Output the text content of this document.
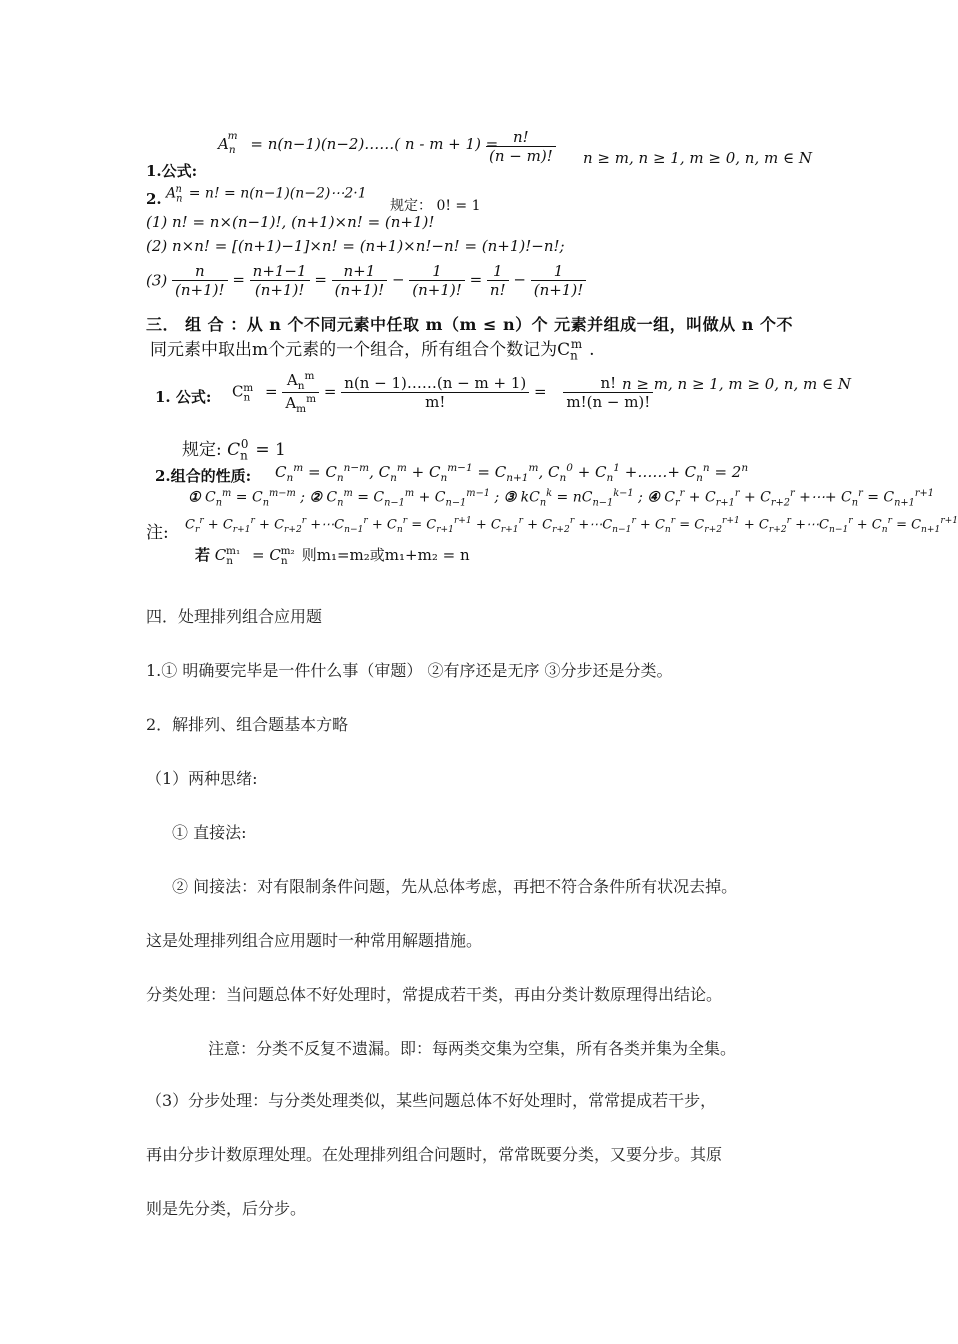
$A_n^m$ = n(n−1)(n−2)……( n - m + 1) =
$\frac{n!}{(n - m)!}$ n ≥ m, n ≥ 1, m ≥ 0, n, m ∈ N
1.公式:
2. $A_n^n = n$! = n(n−1)(n−2)⋯2·1
规定： 0! = 1
(1) n! = n×(n−1)!, (n+1)×n! = (n+1)!
(2) n×n! = [(n+1)−1]×n! = (n+1)×n!−n! = (n+1)!−n!;
$(3) \frac{n}{(n+1)!} = \frac{n+1-1}{(n+1)!} = \frac{n+1}{(n+1)!} - \frac{1}{(n+1)!} = \frac{1}{n!} - \frac{1}{(n+1)!}$
三． 组 合 ：从 n 个不同元素中任取 m（m ≤ n）个 元素并组成一组，叫做从 n 个不
同元素中取出m个元素的一个组合，所有组合个数记为$C_n^m$ .
1. 公式: $C_n^m = \frac{A_n^m}{A_m^m} = \frac{n(n - 1)\dots\dots(n - m + 1)}{m!} = \frac{n!}{m!(n - m)!}$
n ≥ m, n ≥ 1, m ≥ 0, n, m ∈ N
规定: $C_n^0 = 1$
2.组合的性质: $C_n^m = C_n^{n-m}$, $C_n^m + C_n^{m-1} = C_{n+1}^m$, $C_n^0 + C_n^1$ +……+ $C_n^n = 2^n$
① $C_n^m = C_n^{m-m}$ ; ② $C_n^m = C_{n-1}^m + C_{n-1}^{m-1}$ ; ③ $kC_n^k = nC_{n-1}^{k-1}$ ; ④ $C_r^r + C_{r+1}^r + C_{r+2}^r$ +⋯+ $C_n^r = C_{n+1}^{r+1}$
注: $C_r^r + C_{r+1}^r + C_{r+2}^r$ $+\cdots C_{n-1}^r + C_n^r = C_{r+1}^{r+1} + C_{r+1}^r + C_{r+2}^r$ $+\cdots C_{n-1}^r + C_n^r = C_{r+2}^{r+1} + C_{r+2}^r$ $+\cdots C_{n-1}^r + C_n^r = C_{n+1}^{r+1}$
若 $C_n^{m_1} = C_n^{m_2}$ 则m₁=m₂或m₁+m₂ = n
四．处理排列组合应用题
1.① 明确要完毕是一件什么事（审题） ②有序还是无序 ③分步还是分类。
2．解排列、组合题基本方略
（1）两种思绪:
① 直接法:
② 间接法：对有限制条件问题，先从总体考虑，再把不符合条件所有状况去掉。
这是处理排列组合应用题时一种常用解题措施。
分类处理：当问题总体不好处理时，常提成若干类，再由分类计数原理得出结论。
注意：分类不反复不遗漏。即：每两类交集为空集，所有各类并集为全集。
（3）分步处理：与分类处理类似，某些问题总体不好处理时，常常提成若干步，
再由分步计数原理处理。在处理排列组合问题时，常常既要分类，又要分步。其原
则是先分类，后分步。
